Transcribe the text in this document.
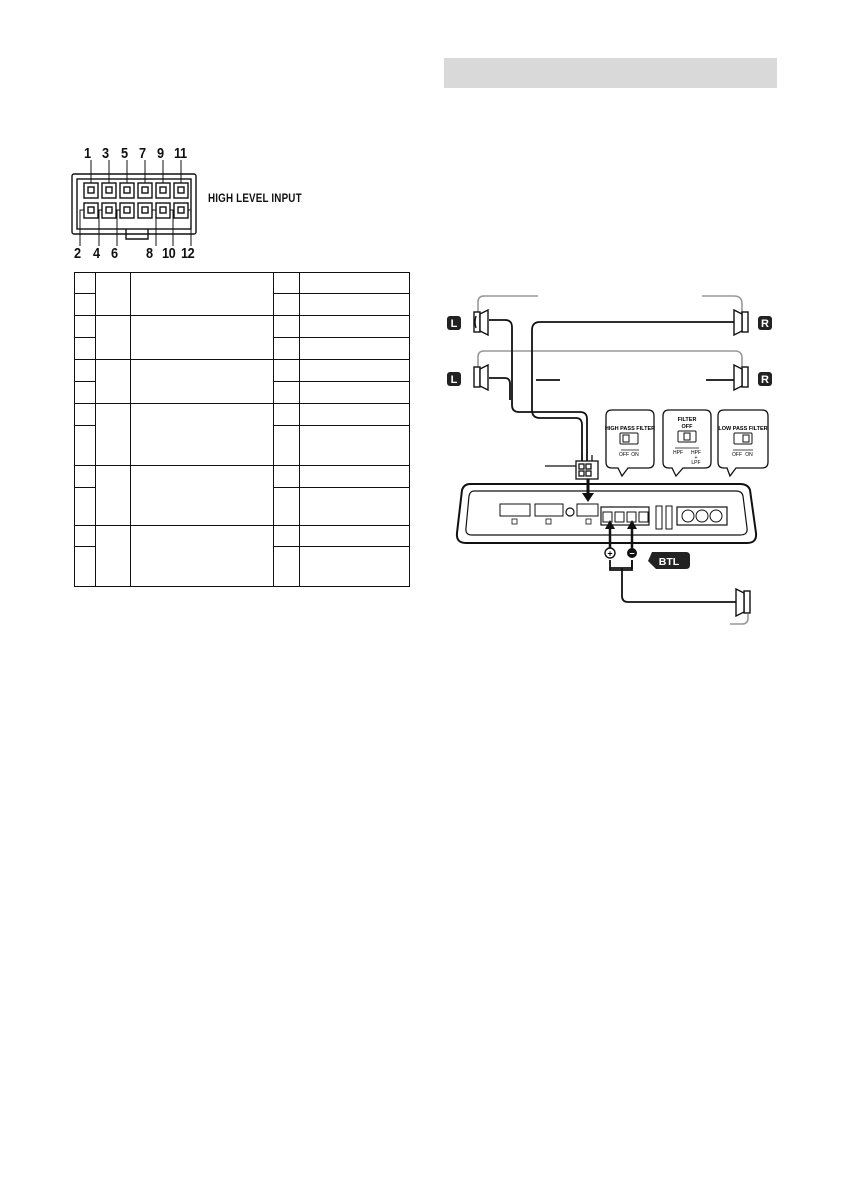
1 3 5 7 9 11
2 4 6 8 10 12
HIGH LEVEL INPUT

L
L
R
R
HIGH PASS FILTER
OFF ON
FILTER
OFF
HPF HPF
+
LPF
LOW PASS FILTER
OFF ON
+ −
BTL
